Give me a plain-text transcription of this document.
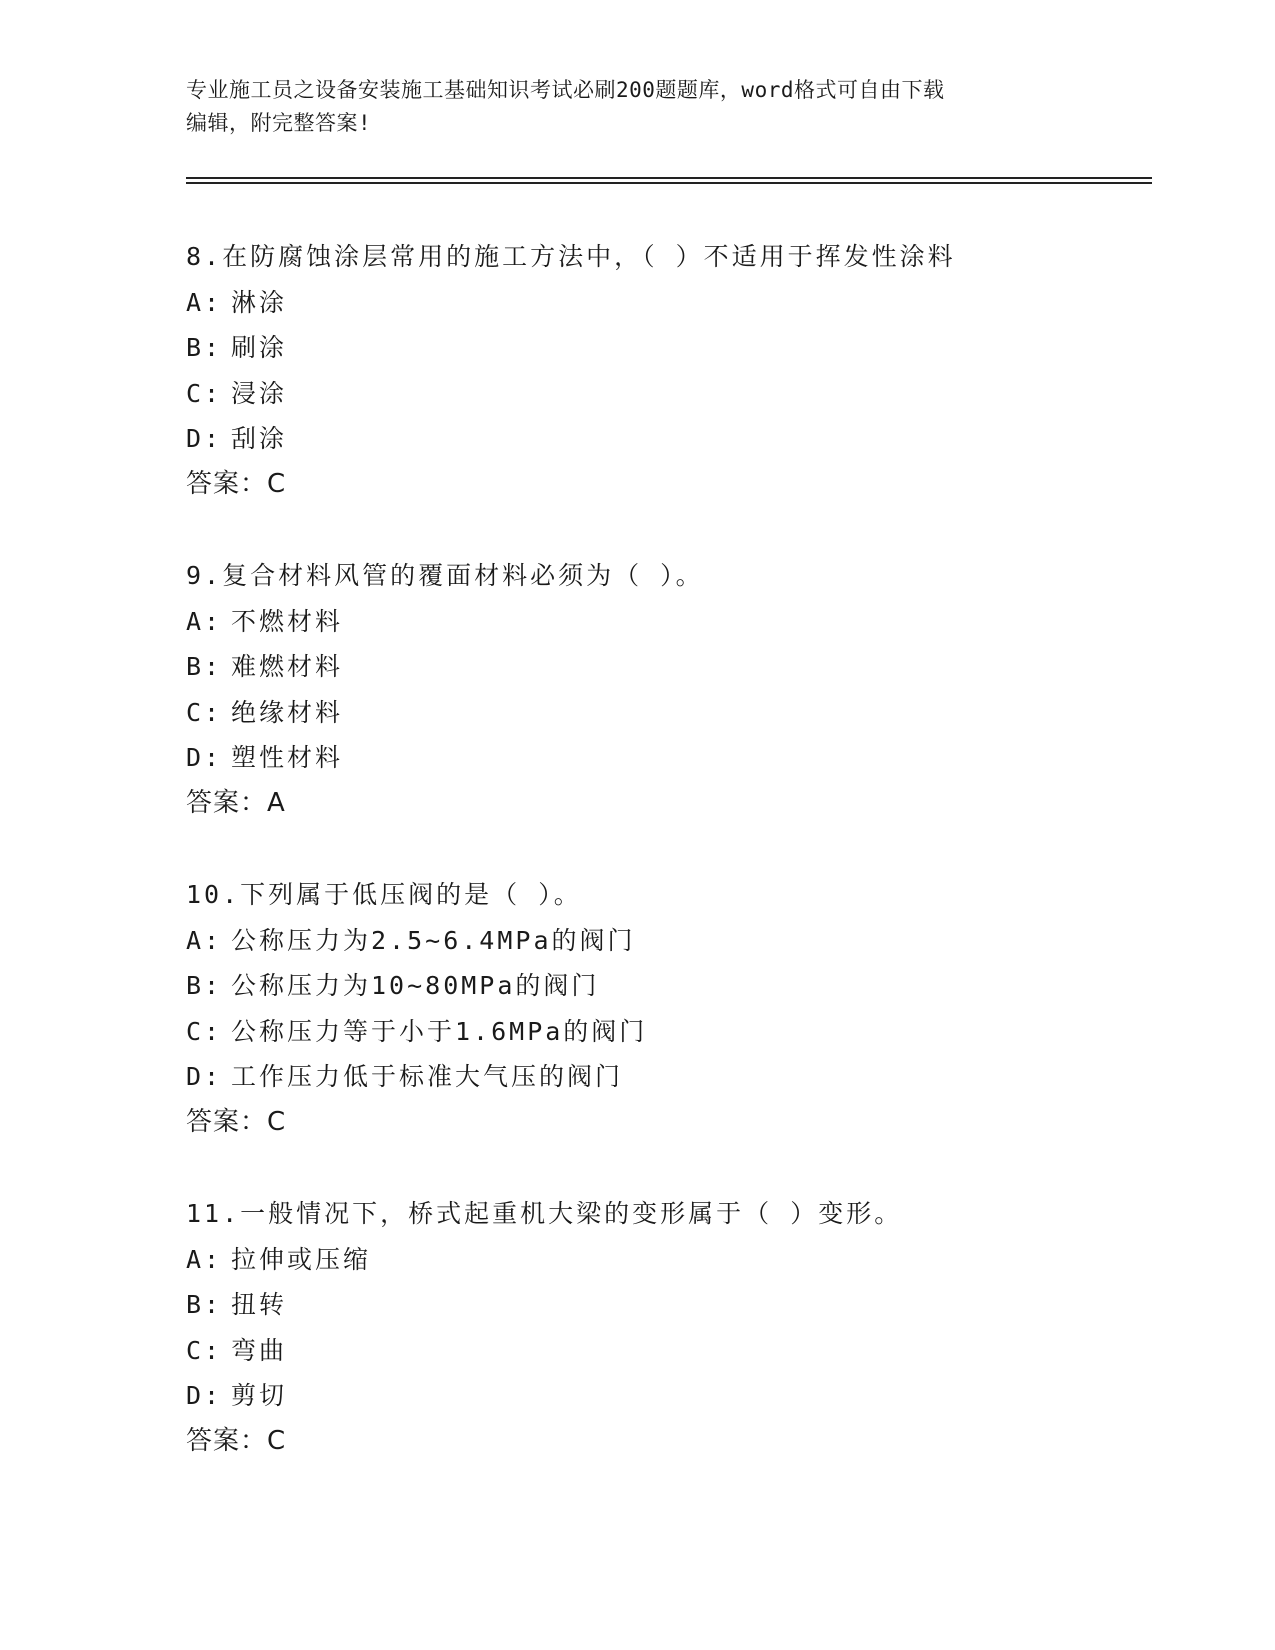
专业施工员之设备安装施工基础知识考试必刷200题题库，word格式可自由下载
编辑，附完整答案!
8.在防腐蚀涂层常用的施工方法中，（ ）不适用于挥发性涂料
A: 淋涂
B: 刷涂
C: 浸涂
D: 刮涂
答案：C
9.复合材料风管的覆面材料必须为（ ）。
A: 不燃材料
B: 难燃材料
C: 绝缘材料
D: 塑性材料
答案：A
10.下列属于低压阀的是（ ）。
A: 公称压力为2.5~6.4MPa的阀门
B: 公称压力为10~80MPa的阀门
C: 公称压力等于小于1.6MPa的阀门
D: 工作压力低于标准大气压的阀门
答案：C
11.一般情况下，桥式起重机大梁的变形属于（ ）变形。
A: 拉伸或压缩
B: 扭转
C: 弯曲
D: 剪切
答案：C
